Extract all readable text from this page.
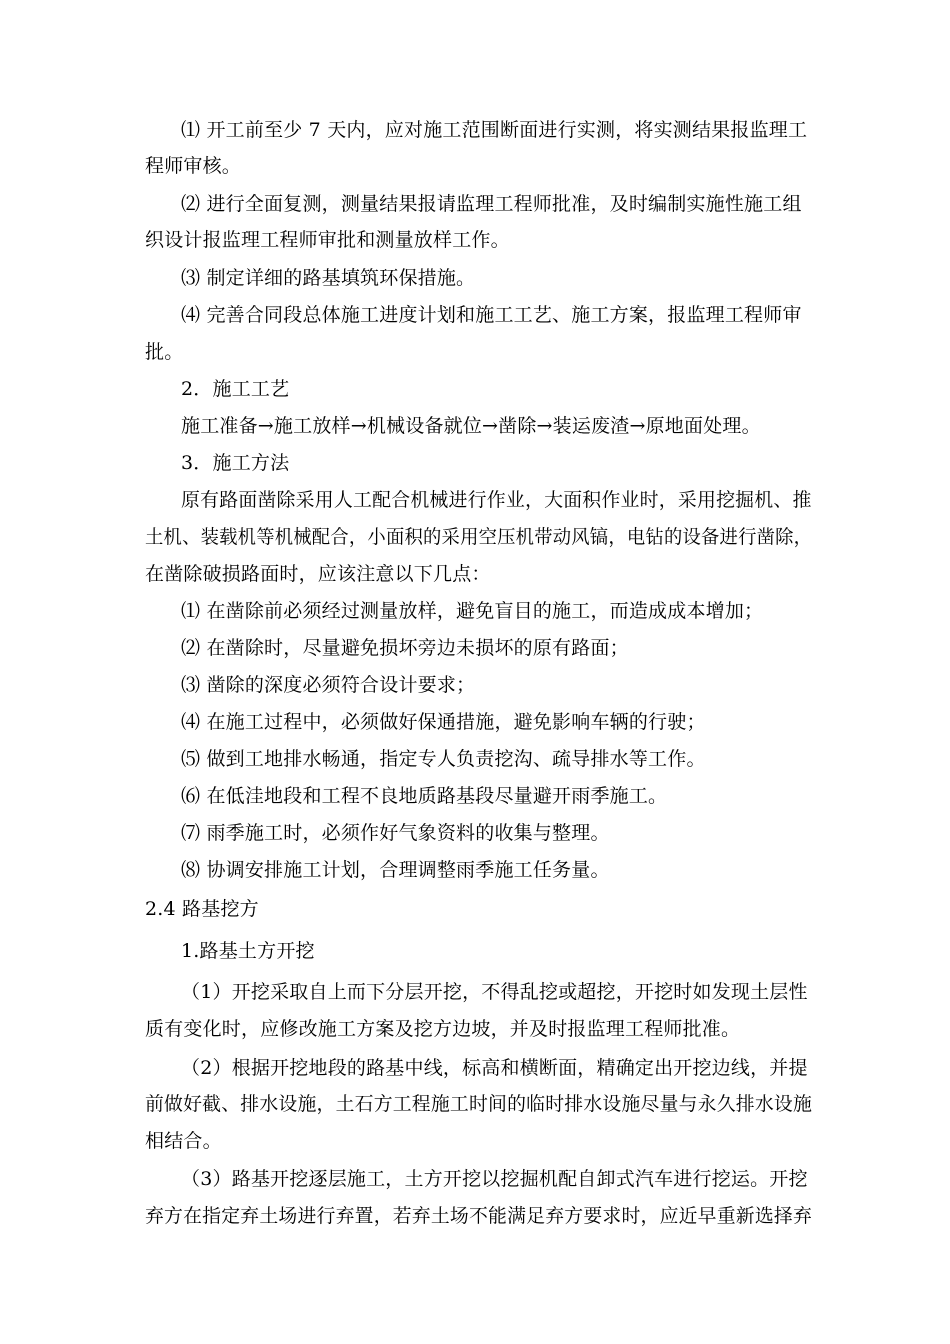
⑴ 开工前至少 7 天内，应对施工范围断面进行实测，将实测结果报监理工
程师审核。
⑵ 进行全面复测，测量结果报请监理工程师批准，及时编制实施性施工组
织设计报监理工程师审批和测量放样工作。
⑶ 制定详细的路基填筑环保措施。
⑷ 完善合同段总体施工进度计划和施工工艺、施工方案，报监理工程师审
批。
2．施工工艺
施工准备→施工放样→机械设备就位→凿除→装运废渣→原地面处理。
3．施工方法
原有路面凿除采用人工配合机械进行作业，大面积作业时，采用挖掘机、推
土机、装载机等机械配合，小面积的采用空压机带动风镐，电钻的设备进行凿除，
在凿除破损路面时，应该注意以下几点：
⑴ 在凿除前必须经过测量放样，避免盲目的施工，而造成成本增加；
⑵ 在凿除时，尽量避免损坏旁边未损坏的原有路面；
⑶ 凿除的深度必须符合设计要求；
⑷ 在施工过程中，必须做好保通措施，避免影响车辆的行驶；
⑸ 做到工地排水畅通，指定专人负责挖沟、疏导排水等工作。
⑹ 在低洼地段和工程不良地质路基段尽量避开雨季施工。
⑺ 雨季施工时，必须作好气象资料的收集与整理。
⑻ 协调安排施工计划，合理调整雨季施工任务量。
2.4 路基挖方
1.路基土方开挖
（1）开挖采取自上而下分层开挖，不得乱挖或超挖，开挖时如发现土层性
质有变化时，应修改施工方案及挖方边坡，并及时报监理工程师批准。
（2）根据开挖地段的路基中线，标高和横断面，精确定出开挖边线，并提
前做好截、排水设施，土石方工程施工时间的临时排水设施尽量与永久排水设施
相结合。
（3）路基开挖逐层施工，土方开挖以挖掘机配自卸式汽车进行挖运。开挖
弃方在指定弃土场进行弃置，若弃土场不能满足弃方要求时，应近早重新选择弃
